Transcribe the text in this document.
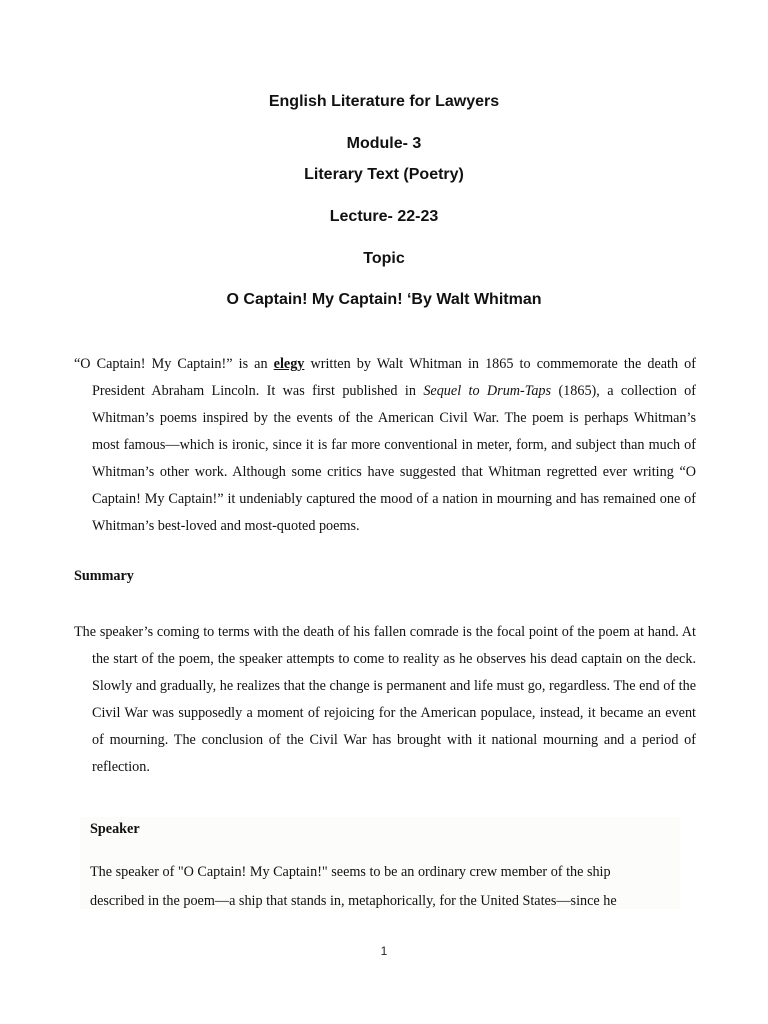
English Literature for Lawyers
Module- 3
Literary Text (Poetry)
Lecture- 22-23
Topic
O Captain! My Captain! ‘By Walt Whitman
“O Captain! My Captain!” is an elegy written by Walt Whitman in 1865 to commemorate the death of President Abraham Lincoln. It was first published in Sequel to Drum-Taps (1865), a collection of Whitman’s poems inspired by the events of the American Civil War. The poem is perhaps Whitman’s most famous—which is ironic, since it is far more conventional in meter, form, and subject than much of Whitman’s other work. Although some critics have suggested that Whitman regretted ever writing “O Captain! My Captain!” it undeniably captured the mood of a nation in mourning and has remained one of Whitman’s best-loved and most-quoted poems.
Summary
The speaker’s coming to terms with the death of his fallen comrade is the focal point of the poem at hand. At the start of the poem, the speaker attempts to come to reality as he observes his dead captain on the deck. Slowly and gradually, he realizes that the change is permanent and life must go, regardless. The end of the Civil War was supposedly a moment of rejoicing for the American populace, instead, it became an event of mourning. The conclusion of the Civil War has brought with it national mourning and a period of reflection.
Speaker
The speaker of "O Captain! My Captain!" seems to be an ordinary crew member of the ship
described in the poem—a ship that stands in, metaphorically, for the United States—since he
1
